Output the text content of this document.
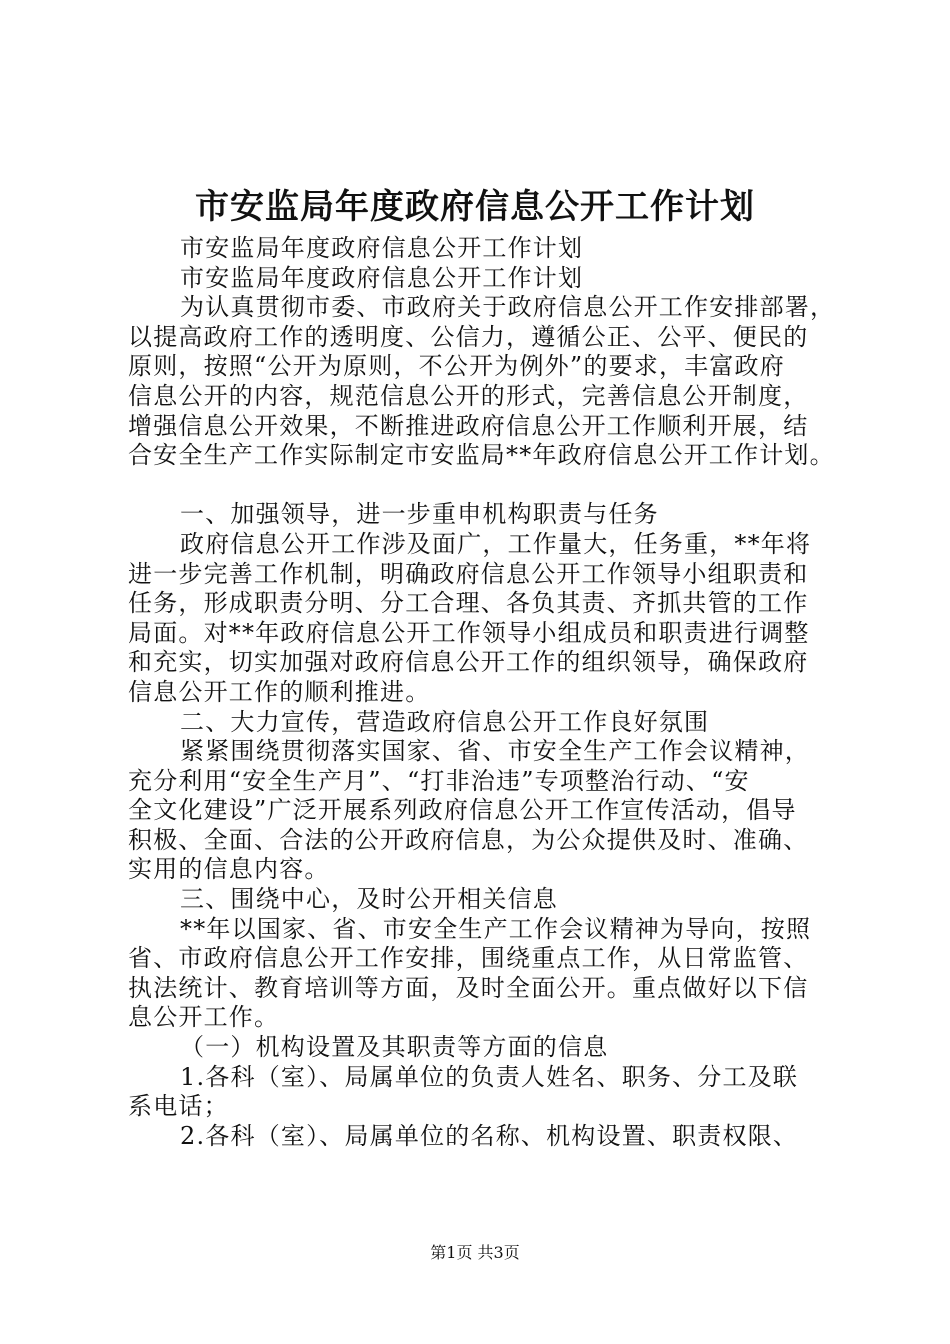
市安监局年度政府信息公开工作计划
市安监局年度政府信息公开工作计划
市安监局年度政府信息公开工作计划
为认真贯彻市委、市政府关于政府信息公开工作安排部署，
以提高政府工作的透明度、公信力，遵循公正、公平、便民的
原则，按照“公开为原则，不公开为例外”的要求，丰富政府
信息公开的内容，规范信息公开的形式，完善信息公开制度，
增强信息公开效果，不断推进政府信息公开工作顺利开展，结
合安全生产工作实际制定市安监局**年政府信息公开工作计划。
一、加强领导，进一步重申机构职责与任务
政府信息公开工作涉及面广，工作量大，任务重，**年将
进一步完善工作机制，明确政府信息公开工作领导小组职责和
任务，形成职责分明、分工合理、各负其责、齐抓共管的工作
局面。对**年政府信息公开工作领导小组成员和职责进行调整
和充实，切实加强对政府信息公开工作的组织领导，确保政府
信息公开工作的顺利推进。
二、大力宣传，营造政府信息公开工作良好氛围
紧紧围绕贯彻落实国家、省、市安全生产工作会议精神，
充分利用“安全生产月”、“打非治违”专项整治行动、“安
全文化建设”广泛开展系列政府信息公开工作宣传活动，倡导
积极、全面、合法的公开政府信息，为公众提供及时、准确、
实用的信息内容。
三、围绕中心，及时公开相关信息
**年以国家、省、市安全生产工作会议精神为导向，按照
省、市政府信息公开工作安排，围绕重点工作，从日常监管、
执法统计、教育培训等方面，及时全面公开。重点做好以下信
息公开工作。
（一）机构设置及其职责等方面的信息
1.各科（室）、局属单位的负责人姓名、职务、分工及联
系电话；
2.各科（室）、局属单位的名称、机构设置、职责权限、
第1页 共3页
